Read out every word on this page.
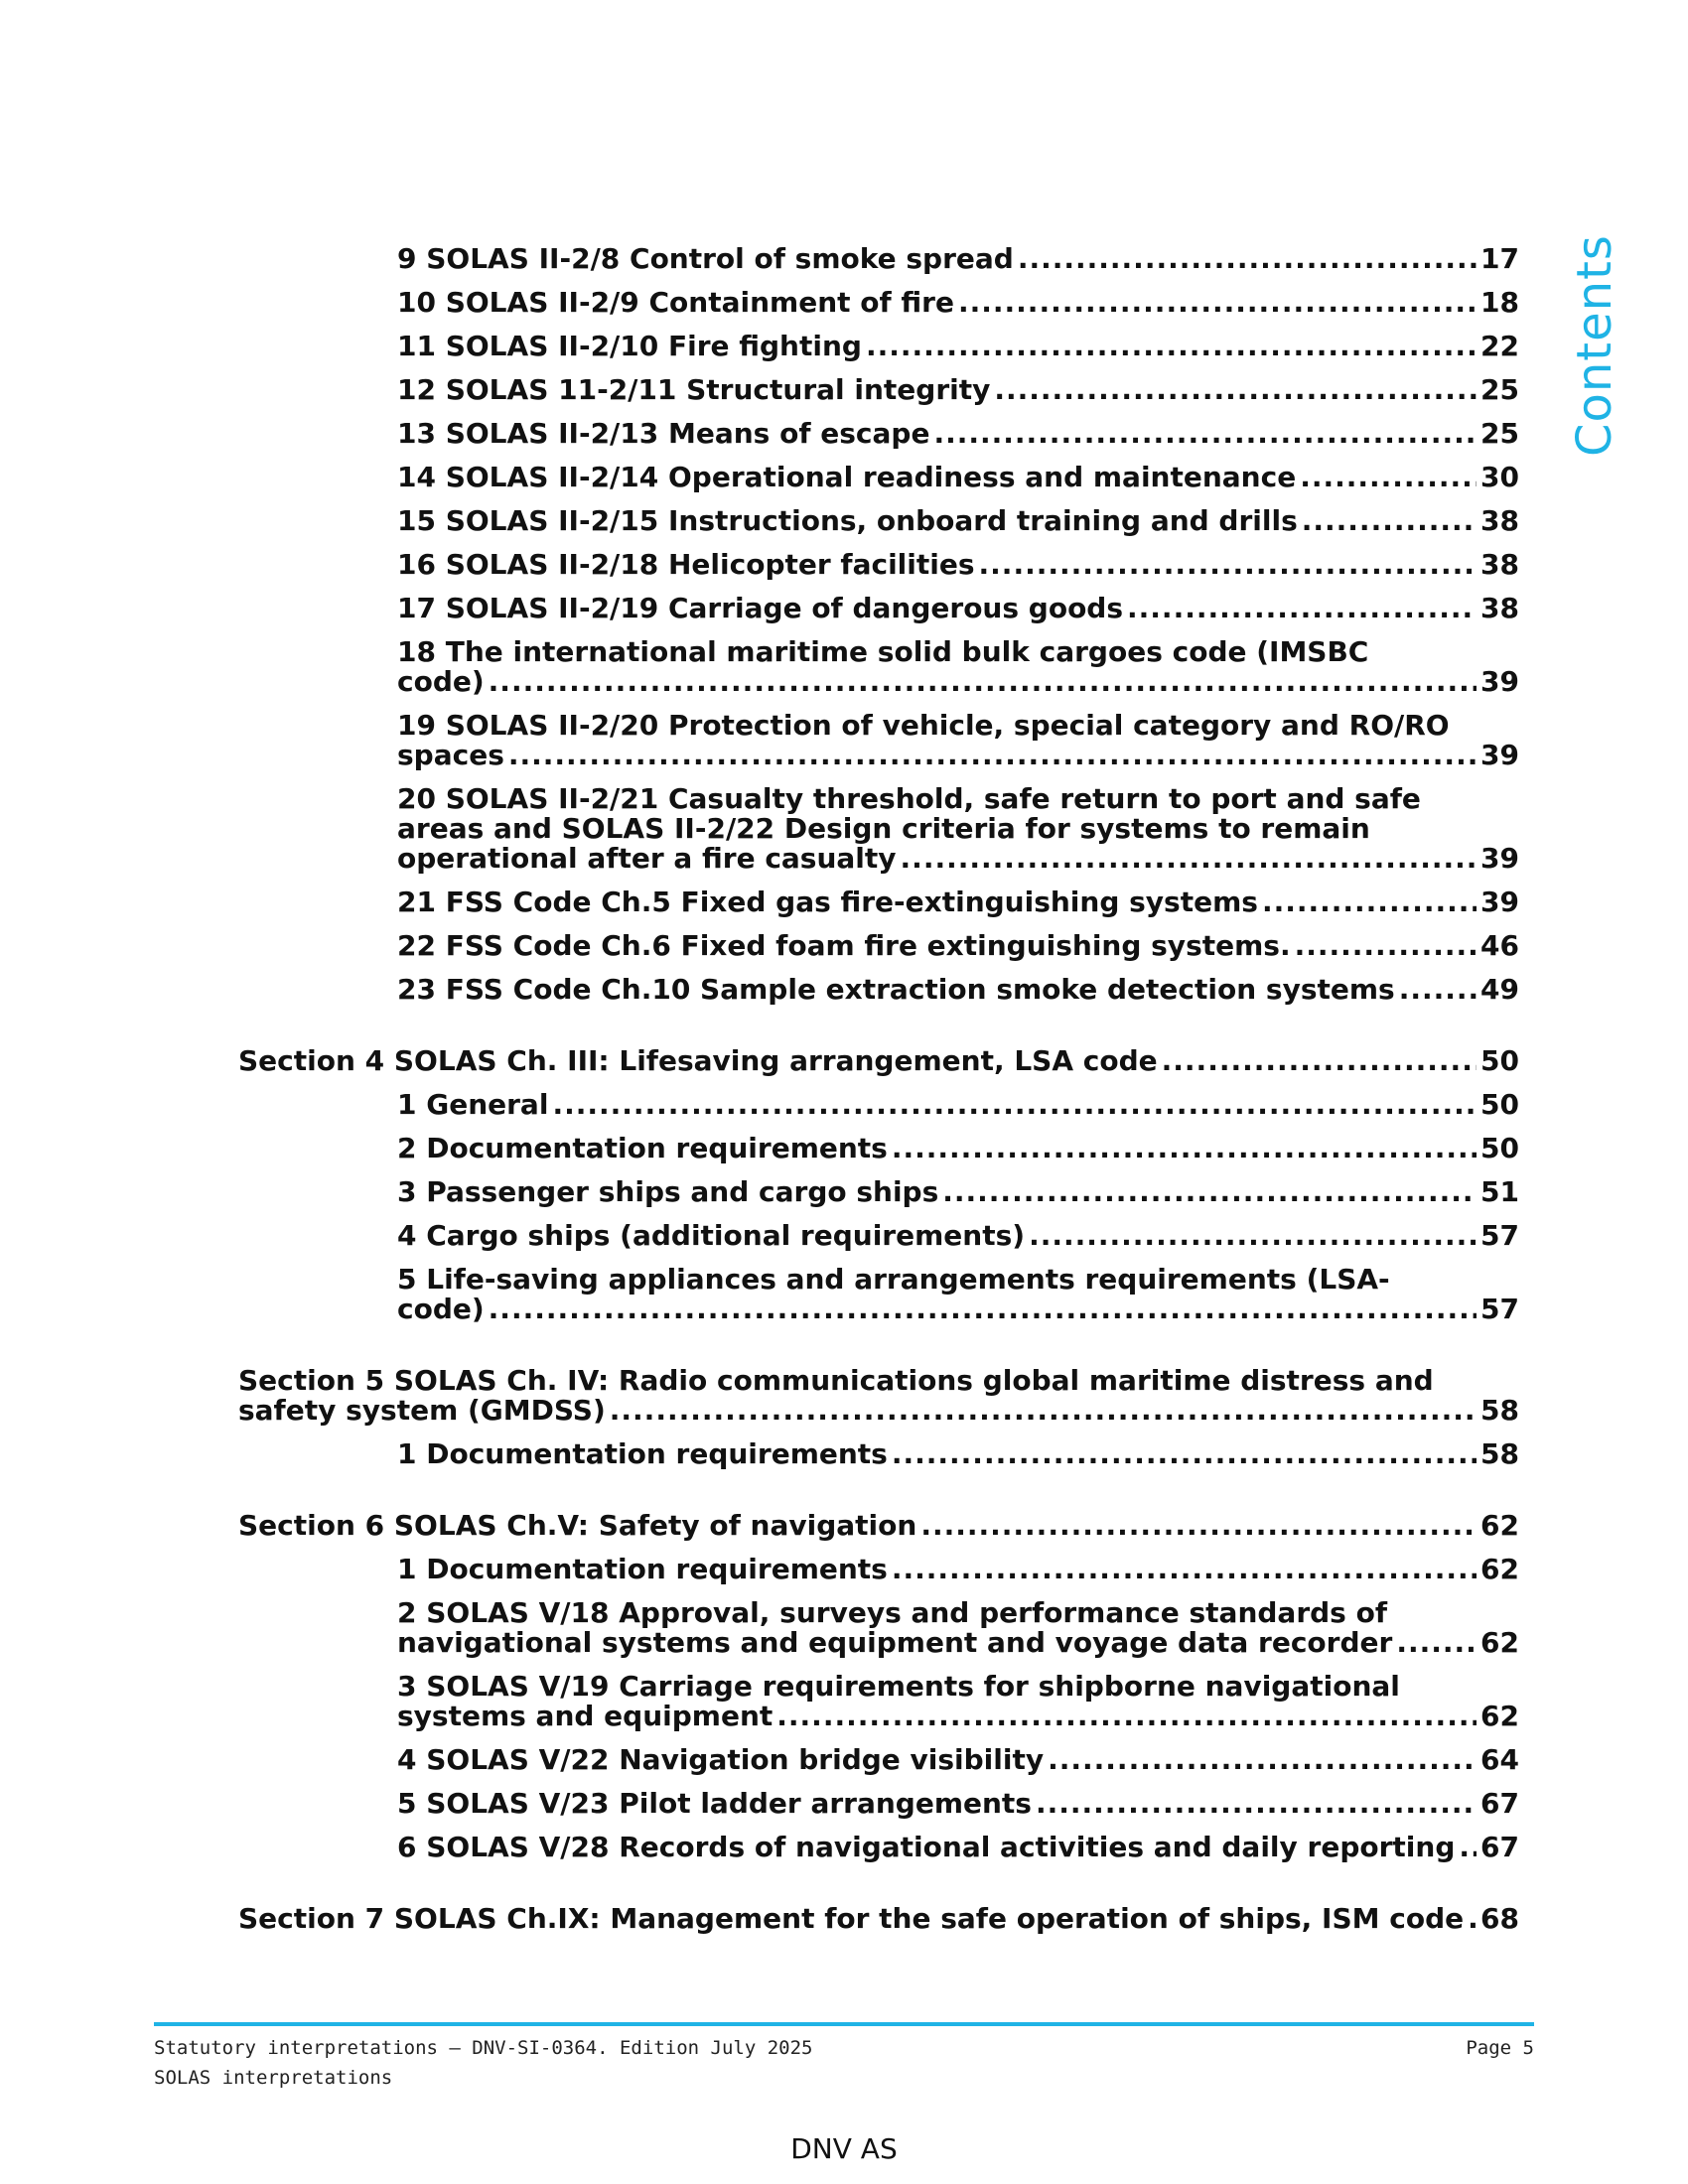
9 SOLAS II-2/8 Control of smoke spread .....	17
10 SOLAS II-2/9 Containment of fire .....	18
11 SOLAS II-2/10 Fire fighting .....	22
12 SOLAS 11-2/11 Structural integrity .....	25
13 SOLAS II-2/13 Means of escape .....	25
14 SOLAS II-2/14 Operational readiness and maintenance .....	30
15 SOLAS II-2/15 Instructions, onboard training and drills .....	38
16 SOLAS II-2/18 Helicopter facilities .....	38
17 SOLAS II-2/19 Carriage of dangerous goods .....	38
18 The international maritime solid bulk cargoes code (IMSBC
code) .....	39
19 SOLAS II-2/20 Protection of vehicle, special category and RO/RO
spaces .....	39
20 SOLAS II-2/21 Casualty threshold, safe return to port and safe
areas and SOLAS II-2/22 Design criteria for systems to remain
operational after a fire casualty .....	39
21 FSS Code Ch.5 Fixed gas fire-extinguishing systems .....	39
22 FSS Code Ch.6 Fixed foam fire extinguishing systems. .....	46
23 FSS Code Ch.10 Sample extraction smoke detection systems .....	49
Section 4 SOLAS Ch. III: Lifesaving arrangement, LSA code .....	50
1 General .....	50
2 Documentation requirements .....	50
3 Passenger ships and cargo ships .....	51
4 Cargo ships (additional requirements) .....	57
5 Life-saving appliances and arrangements requirements (LSA-
code) .....	57
Section 5 SOLAS Ch. IV: Radio communications global maritime distress and
safety system (GMDSS) .....	58
1 Documentation requirements .....	58
Section 6 SOLAS Ch.V: Safety of navigation .....	62
1 Documentation requirements .....	62
2 SOLAS V/18 Approval, surveys and performance standards of
navigational systems and equipment and voyage data recorder .....	62
3 SOLAS V/19 Carriage requirements for shipborne navigational
systems and equipment .....	62
4 SOLAS V/22 Navigation bridge visibility .....	64
5 SOLAS V/23 Pilot ladder arrangements .....	67
6 SOLAS V/28 Records of navigational activities and daily reporting ..... 67
Section 7 SOLAS Ch.IX: Management for the safe operation of ships, ISM code ..... 68
Contents
Statutory interpretations — DNV-SI-0364. Edition July 2025
SOLAS interpretations
Page 5
DNV AS
